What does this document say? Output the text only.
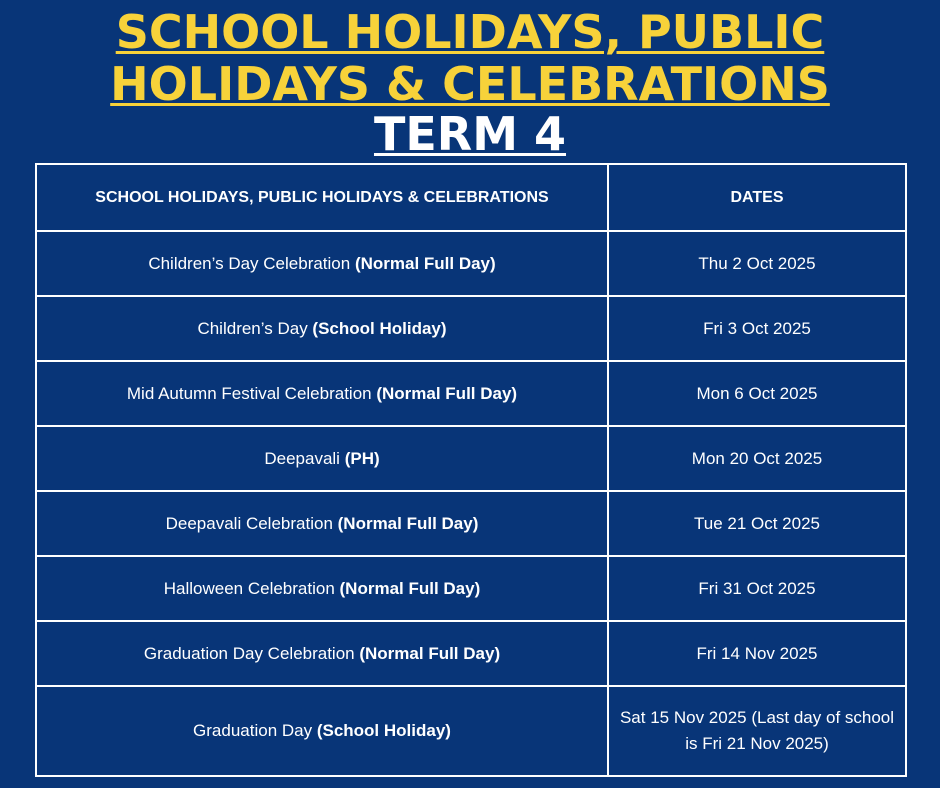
SCHOOL HOLIDAYS, PUBLIC
HOLIDAYS & CELEBRATIONS
TERM 4
SCHOOL HOLIDAYS, PUBLIC HOLIDAYS & CELEBRATIONS	DATES
Children’s Day Celebration (Normal Full Day)	Thu 2 Oct 2025
Children’s Day (School Holiday)	Fri 3 Oct 2025
Mid Autumn Festival Celebration (Normal Full Day)	Mon 6 Oct 2025
Deepavali (PH)	Mon 20 Oct 2025
Deepavali Celebration (Normal Full Day)	Tue 21 Oct 2025
Halloween Celebration (Normal Full Day)	Fri 31 Oct 2025
Graduation Day Celebration (Normal Full Day)	Fri 14 Nov 2025
Graduation Day (School Holiday)	Sat 15 Nov 2025 (Last day of school is Fri 21 Nov 2025)
